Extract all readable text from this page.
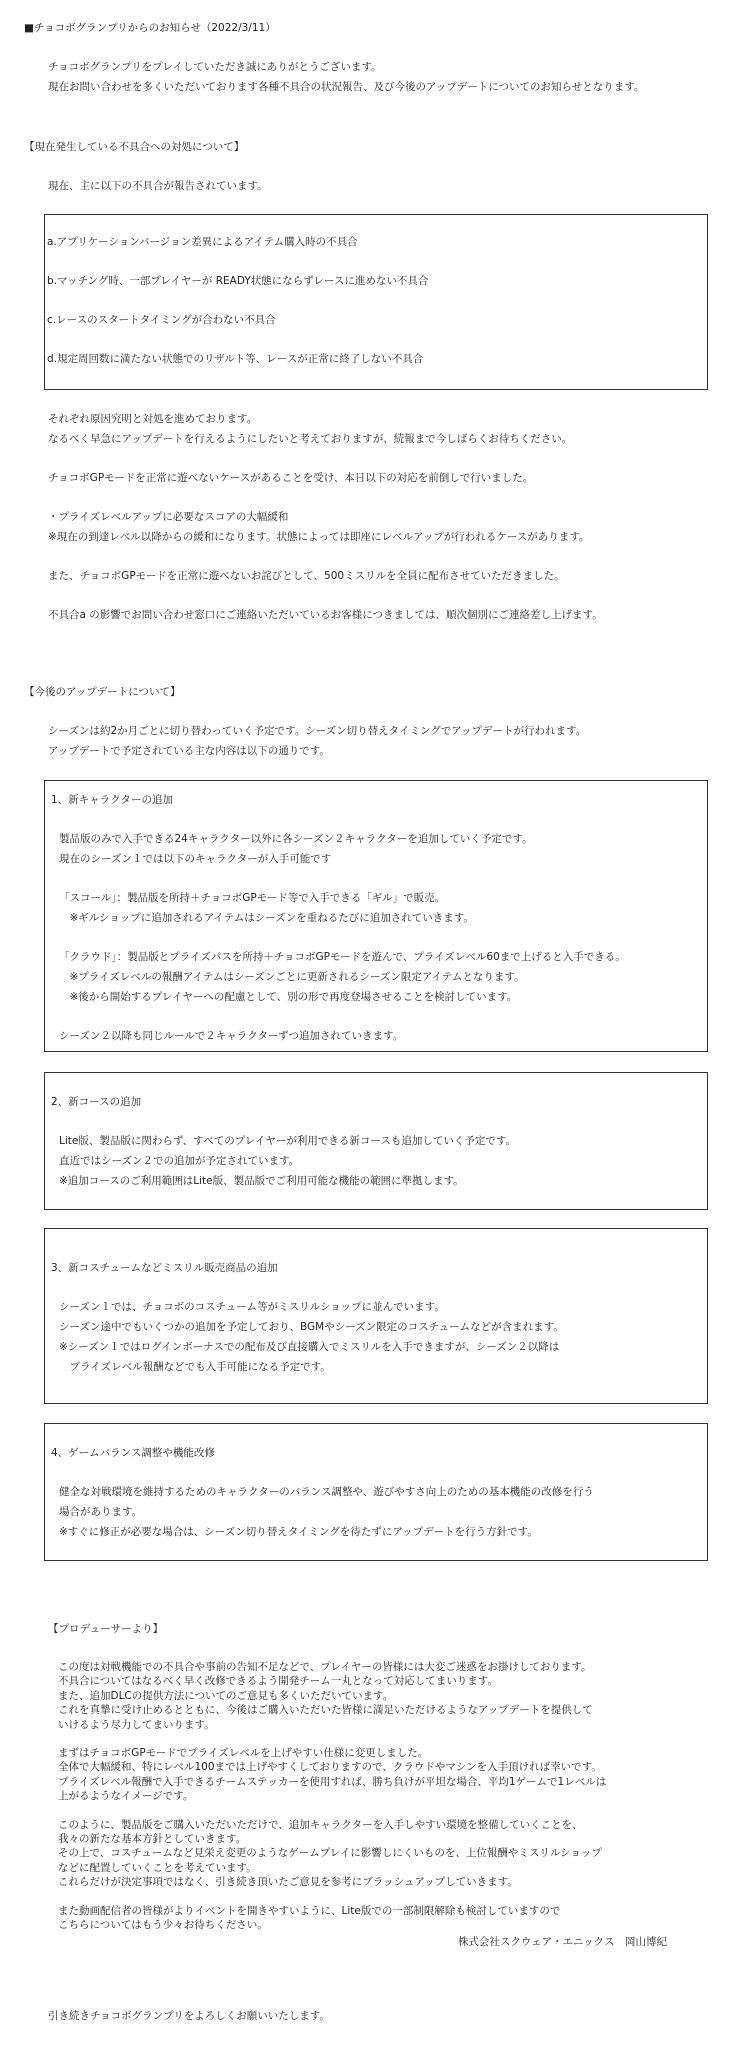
■チョコボグランプリからのお知らせ（2022/3/11）
チョコボグランプリをプレイしていただき誠にありがとうございます。
現在お問い合わせを多くいただいております各種不具合の状況報告、及び今後のアップデートについてのお知らせとなります。
【現在発生している不具合への対処について】
現在、主に以下の不具合が報告されています。
a.アプリケーションバージョン差異によるアイテム購入時の不具合
b.マッチング時、一部プレイヤーが READY状態にならずレースに進めない不具合
c.レースのスタートタイミングが合わない不具合
d.規定周回数に満たない状態でのリザルト等、レースが正常に終了しない不具合
それぞれ原因究明と対処を進めております。
なるべく早急にアップデートを行えるようにしたいと考えておりますが、続報まで今しばらくお待ちください。
チョコボGPモードを正常に遊べないケースがあることを受け、本日以下の対応を前倒しで行いました。
・プライズレベルアップに必要なスコアの大幅緩和
※現在の到達レベル以降からの緩和になります。状態によっては即座にレベルアップが行われるケースがあります。
また、チョコボGPモードを正常に遊べないお詫びとして、500ミスリルを全員に配布させていただきました。
不具合a の影響でお問い合わせ窓口にご連絡いただいているお客様につきましては、順次個別にご連絡差し上げます。
【今後のアップデートについて】
シーズンは約2か月ごとに切り替わっていく予定です。シーズン切り替えタイミングでアップデートが行われます。
アップデートで予定されている主な内容は以下の通りです。
1、新キャラクターの追加
製品版のみで入手できる24キャラクター以外に各シーズン２キャラクターを追加していく予定です。
現在のシーズン１では以下のキャラクターが入手可能です
「スコール」：製品版を所持＋チョコボGPモード等で入手できる「ギル」で販売。
　※ギルショップに追加されるアイテムはシーズンを重ねるたびに追加されていきます。
「クラウド」：製品版とプライズパスを所持＋チョコボGPモードを遊んで、プライズレベル60まで上げると入手できる。
　※プライズレベルの報酬アイテムはシーズンごとに更新されるシーズン限定アイテムとなります。
　※後から開始するプレイヤーへの配慮として、別の形で再度登場させることを検討しています。
シーズン２以降も同じルールで２キャラクターずつ追加されていきます。
2、新コースの追加
Lite版、製品版に関わらず、すべてのプレイヤーが利用できる新コースも追加していく予定です。
直近ではシーズン２での追加が予定されています。
※追加コースのご利用範囲はLite版、製品版でご利用可能な機能の範囲に準拠します。
3、新コスチュームなどミスリル販売商品の追加
シーズン１では、チョコボのコスチューム等がミスリルショップに並んでいます。
シーズン途中でもいくつかの追加を予定しており、BGMやシーズン限定のコスチュームなどが含まれます。
※シーズン１ではログインボーナスでの配布及び直接購入でミスリルを入手できますが、シーズン２以降は
　プライズレベル報酬などでも入手可能になる予定です。
4、ゲームバランス調整や機能改修
健全な対戦環境を維持するためのキャラクターのバランス調整や、遊びやすさ向上のための基本機能の改修を行う
場合があります。
※すぐに修正が必要な場合は、シーズン切り替えタイミングを待たずにアップデートを行う方針です。
【プロデューサーより】
この度は対戦機能での不具合や事前の告知不足などで、プレイヤーの皆様には大変ご迷惑をお掛けしております。
不具合についてはなるべく早く改修できるよう開発チーム一丸となって対応してまいります。
また、追加DLCの提供方法についてのご意見も多くいただいています。
これを真摯に受け止めるとともに、今後はご購入いただいた皆様に満足いただけるようなアップデートを提供して
いけるよう尽力してまいります。
まずはチョコボGPモードでプライズレベルを上げやすい仕様に変更しました。
全体で大幅緩和、特にレベル100までは上げやすくしておりますので、クラウドやマシンを入手頂ければ幸いです。
プライズレベル報酬で入手できるチームステッカーを使用すれば、勝ち負けが平坦な場合、平均1ゲームで1レベルは
上がるようなイメージです。
このように、製品版をご購入いただいただけで、追加キャラクターを入手しやすい環境を整備していくことを、
我々の新たな基本方針としていきます。
その上で、コスチュームなど見栄え変更のようなゲームプレイに影響しにくいものを、上位報酬やミスリルショップ
などに配置していくことを考えています。
これらだけが決定事項ではなく、引き続き頂いたご意見を参考にブラッシュアップしていきます。
また動画配信者の皆様がよりイベントを開きやすいように、Lite版での一部制限解除も検討していますので
こちらについてはもう少々お待ちください。
株式会社スクウェア・エニックス　岡山博紀
引き続きチョコボグランプリをよろしくお願いいたします。
